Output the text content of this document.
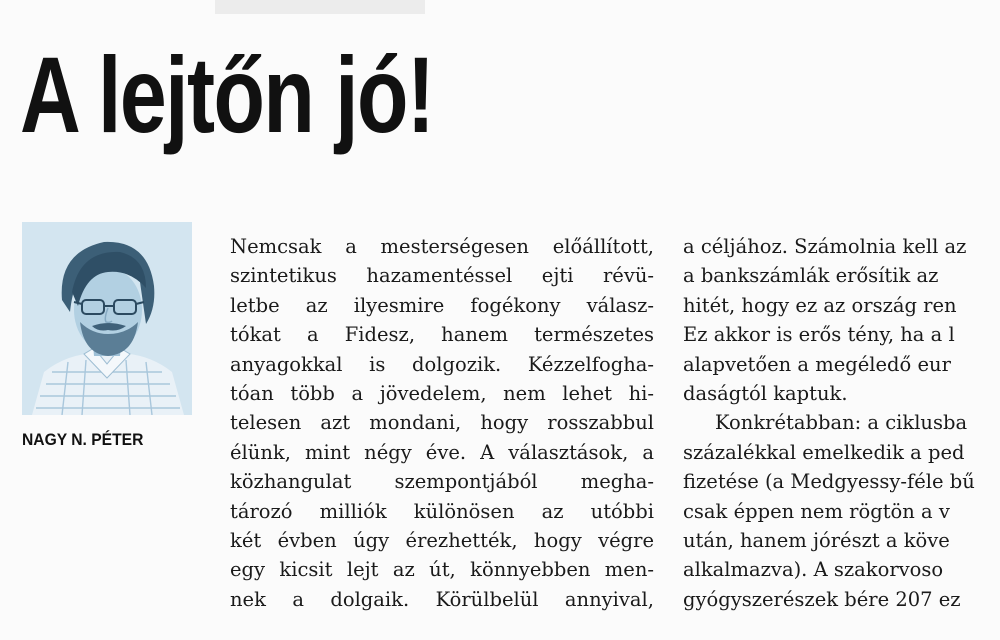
A lejtőn jó!
NAGY N. PÉTER
Nemcsak a mesterségesen előállított,
szintetikus hazamentéssel ejti révü-
letbe az ilyesmire fogékony válasz-
tókat a Fidesz, hanem természetes
anyagokkal is dolgozik. Kézzelfogha-
tóan több a jövedelem, nem lehet hi-
telesen azt mondani, hogy rosszabbul
élünk, mint négy éve. A választások, a
közhangulat szempontjából megha-
tározó milliók különösen az utóbbi
két évben úgy érezhették, hogy végre
egy kicsit lejt az út, könnyebben men-
nek a dolgaik. Körülbelül annyival,
a céljához. Számolnia kell az
a bankszámlák erősítik az
hitét, hogy ez az ország ren
Ez akkor is erős tény, ha a l
alapvetően a megéledő eur
daságtól kaptuk.
Konkrétabban: a ciklusba
százalékkal emelkedik a ped
fizetése (a Medgyessy-féle bű
csak éppen nem rögtön a v
után, hanem jórészt a köve
alkalmazva). A szakorvoso
gyógyszerészek bére 207 ez
